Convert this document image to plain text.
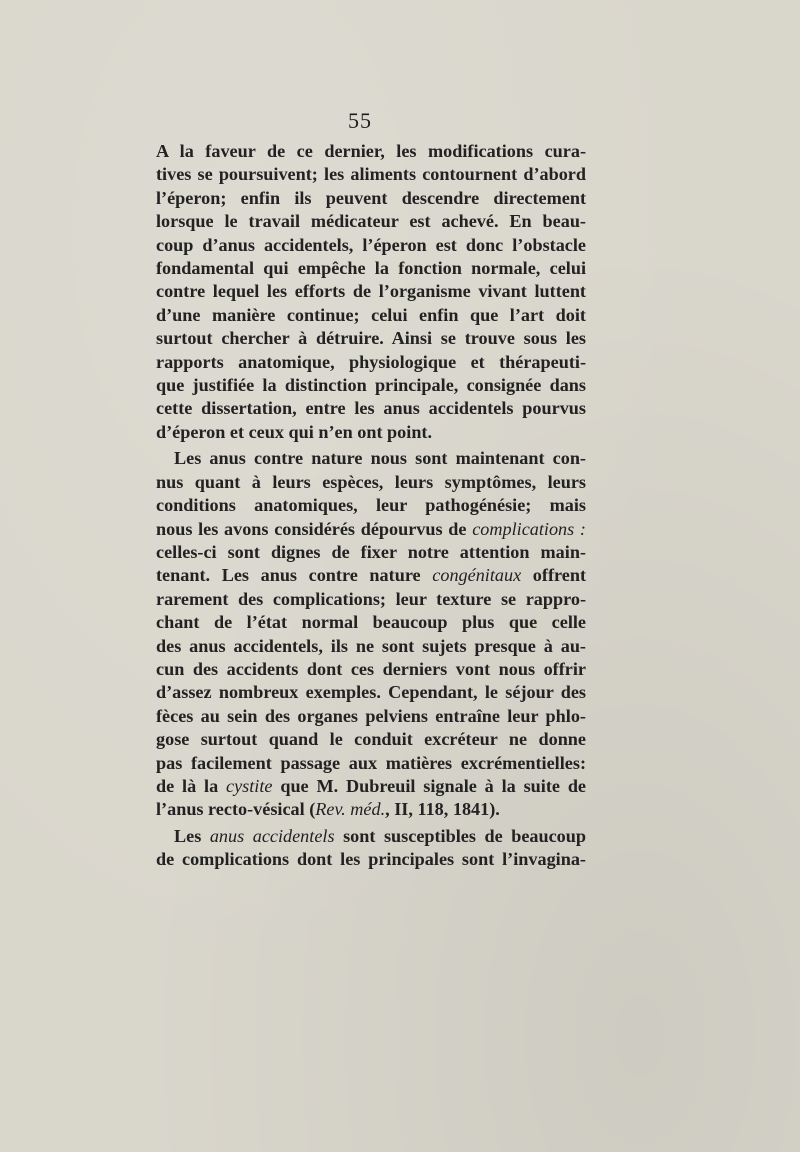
55

A la faveur de ce dernier, les modifications cura-

tives se poursuivent; les aliments contournent d’abord

l’éperon; enfin ils peuvent descendre directement

lorsque le travail médicateur est achevé. En beau-

coup d’anus accidentels, l’éperon est donc l’obstacle

fondamental qui empêche la fonction normale, celui

contre lequel les efforts de l’organisme vivant luttent

d’une manière continue; celui enfin que l’art doit

surtout chercher à détruire. Ainsi se trouve sous les

rapports anatomique, physiologique et thérapeuti-

que justifiée la distinction principale, consignée dans

cette dissertation, entre les anus accidentels pourvus

d’éperon et ceux qui n’en ont point.

Les anus contre nature nous sont maintenant con-

nus quant à leurs espèces, leurs symptômes, leurs

conditions anatomiques, leur pathogénésie; mais

nous les avons considérés dépourvus de complications :

celles-ci sont dignes de fixer notre attention main-

tenant. Les anus contre nature congénitaux offrent

rarement des complications; leur texture se rappro-

chant de l’état normal beaucoup plus que celle

des anus accidentels, ils ne sont sujets presque à au-

cun des accidents dont ces derniers vont nous offrir

d’assez nombreux exemples. Cependant, le séjour des

fèces au sein des organes pelviens entraîne leur phlo-

gose surtout quand le conduit excréteur ne donne

pas facilement passage aux matières excrémentielles:

de là la cystite que M. Dubreuil signale à la suite de

l’anus recto-vésical (Rev. méd., II, 118, 1841).

Les anus accidentels sont susceptibles de beaucoup

de complications dont les principales sont l’invagina-
